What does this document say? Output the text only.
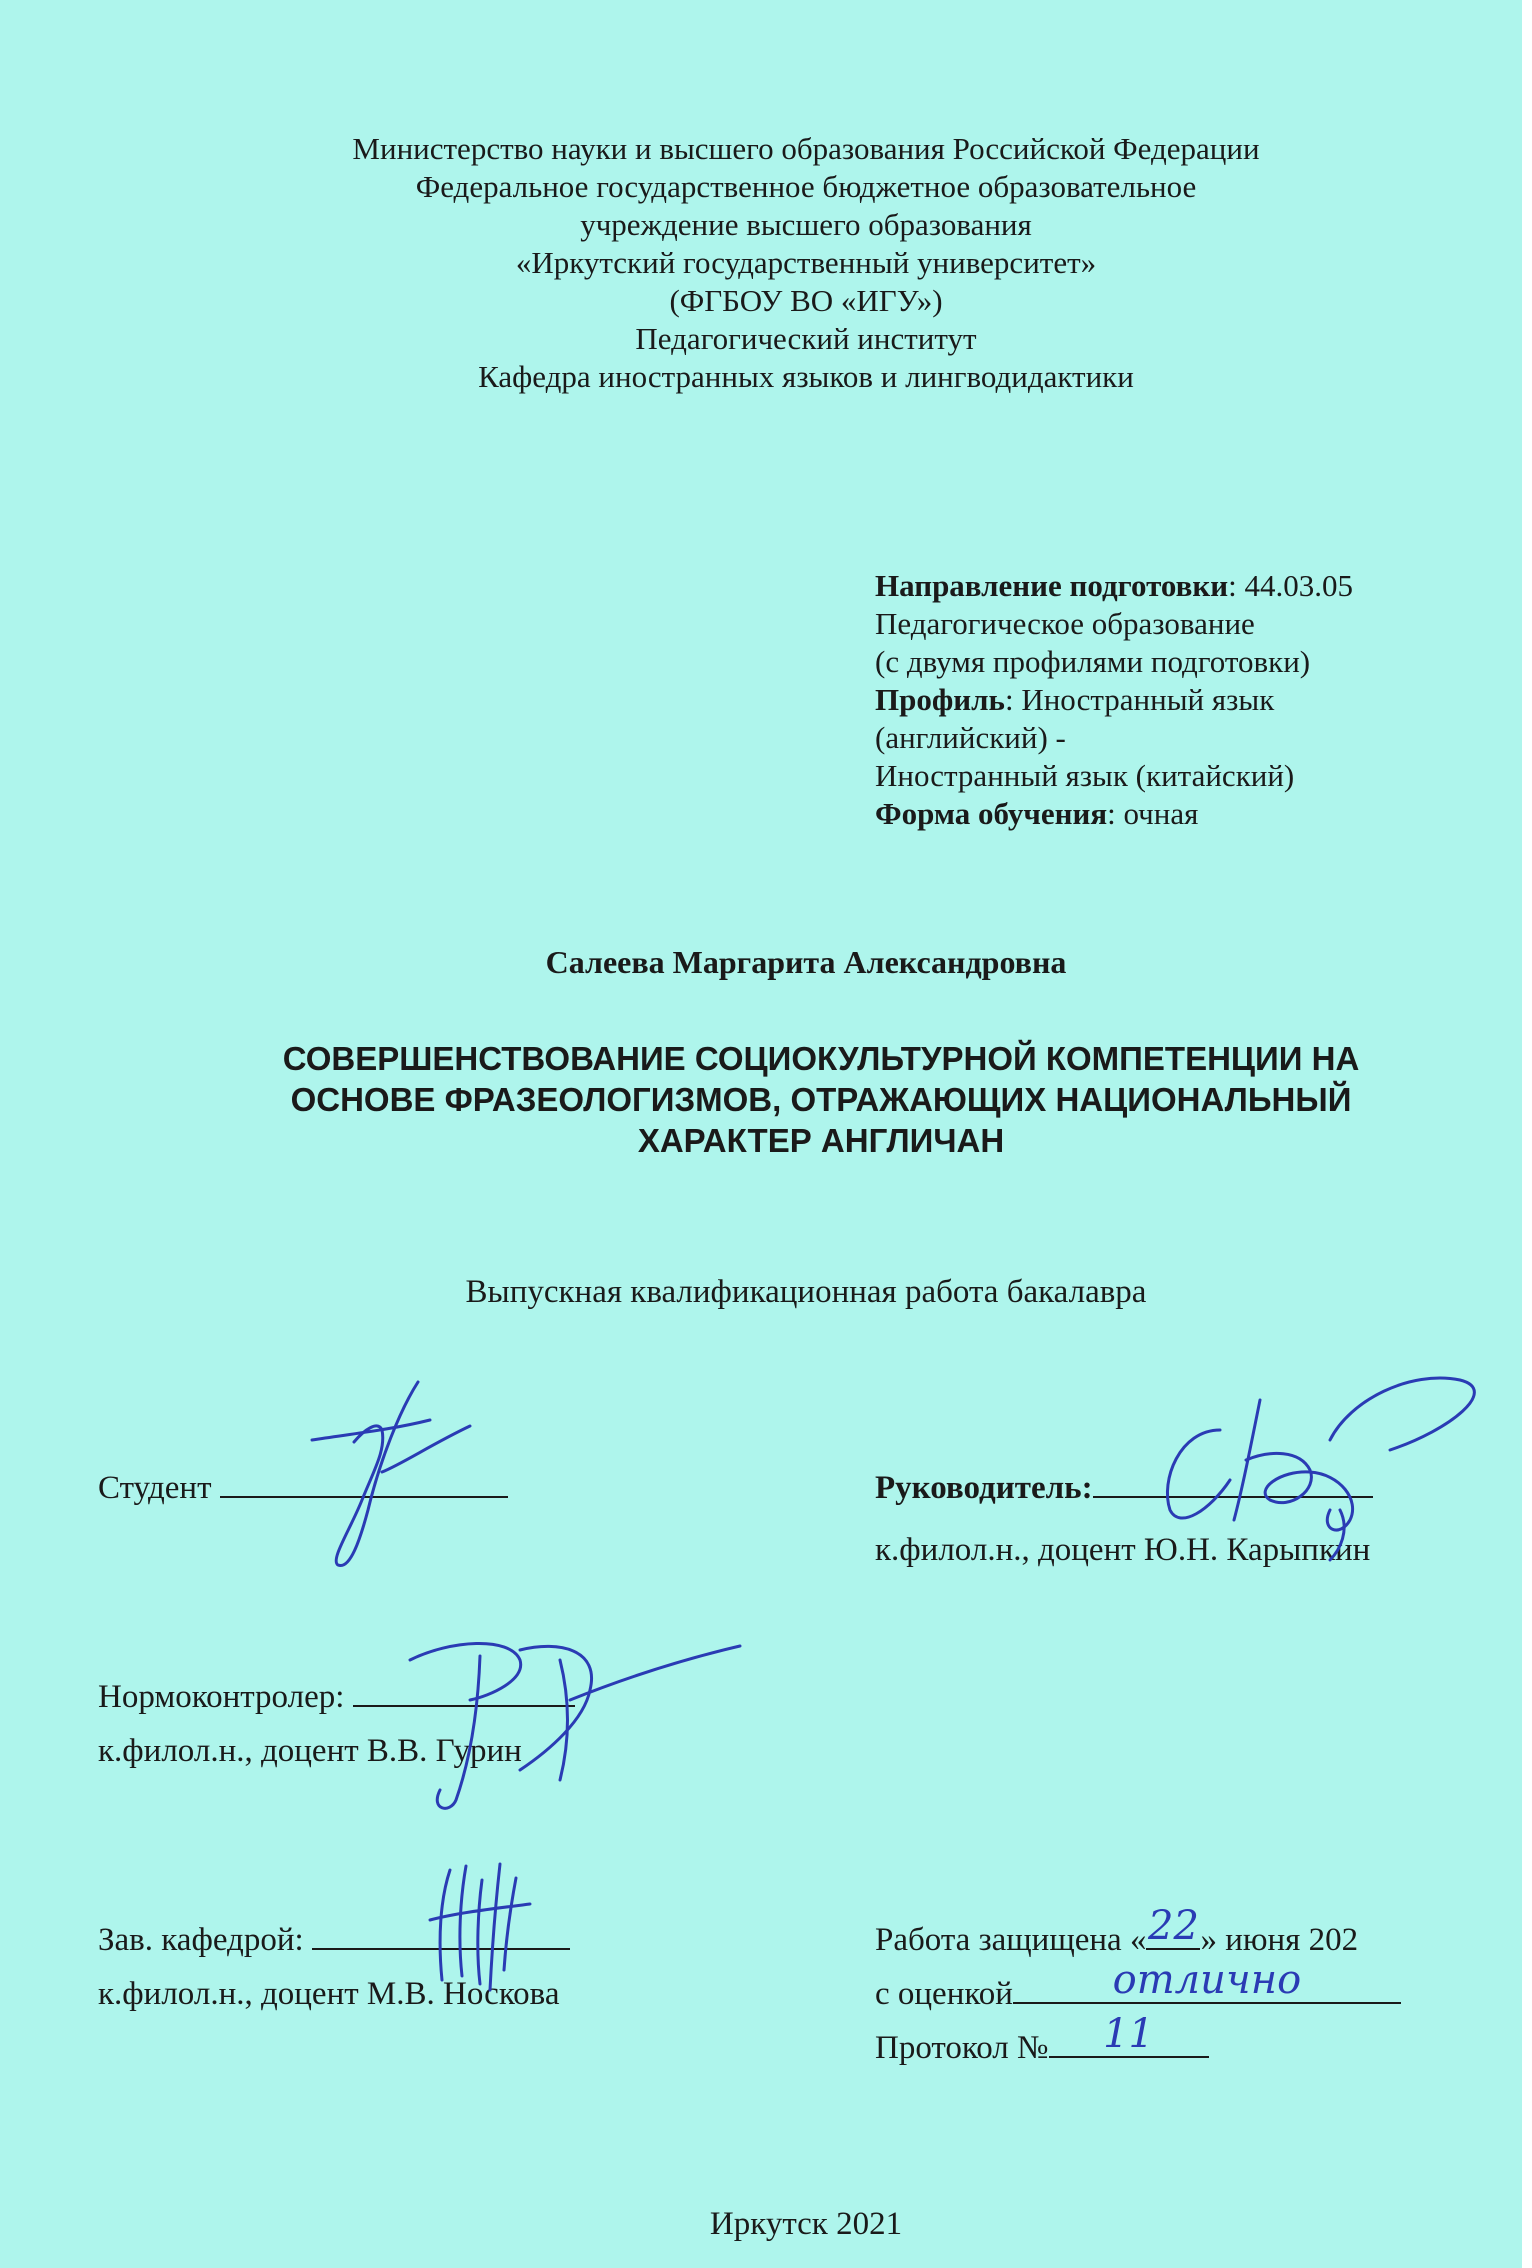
Министерство науки и высшего образования Российской Федерации
Федеральное государственное бюджетное образовательное
учреждение высшего образования
«Иркутский государственный университет»
(ФГБОУ ВО «ИГУ»)
Педагогический институт
Кафедра иностранных языков и лингводидактики
Направление подготовки: 44.03.05
Педагогическое образование
(с двумя профилями подготовки)
Профиль: Иностранный язык
(английский) -
Иностранный язык (китайский)
Форма обучения: очная
Салеева Маргарита Александровна
СОВЕРШЕНСТВОВАНИЕ СОЦИОКУЛЬТУРНОЙ КОМПЕТЕНЦИИ НА
ОСНОВЕ ФРАЗЕОЛОГИЗМОВ, ОТРАЖАЮЩИХ НАЦИОНАЛЬНЫЙ
ХАРАКТЕР АНГЛИЧАН
Выпускная квалификационная работа бакалавра
Студент	Руководитель:
к.филол.н., доцент Ю.Н. Карыпкин
Нормоконтролер:
к.филол.н., доцент В.В. Гурин
Зав. кафедрой:
к.филол.н., доцент М.В. Носкова
Работа защищена « 22 » июня 202
с оценкой	отлично
Протокол №	11
Иркутск 2021
